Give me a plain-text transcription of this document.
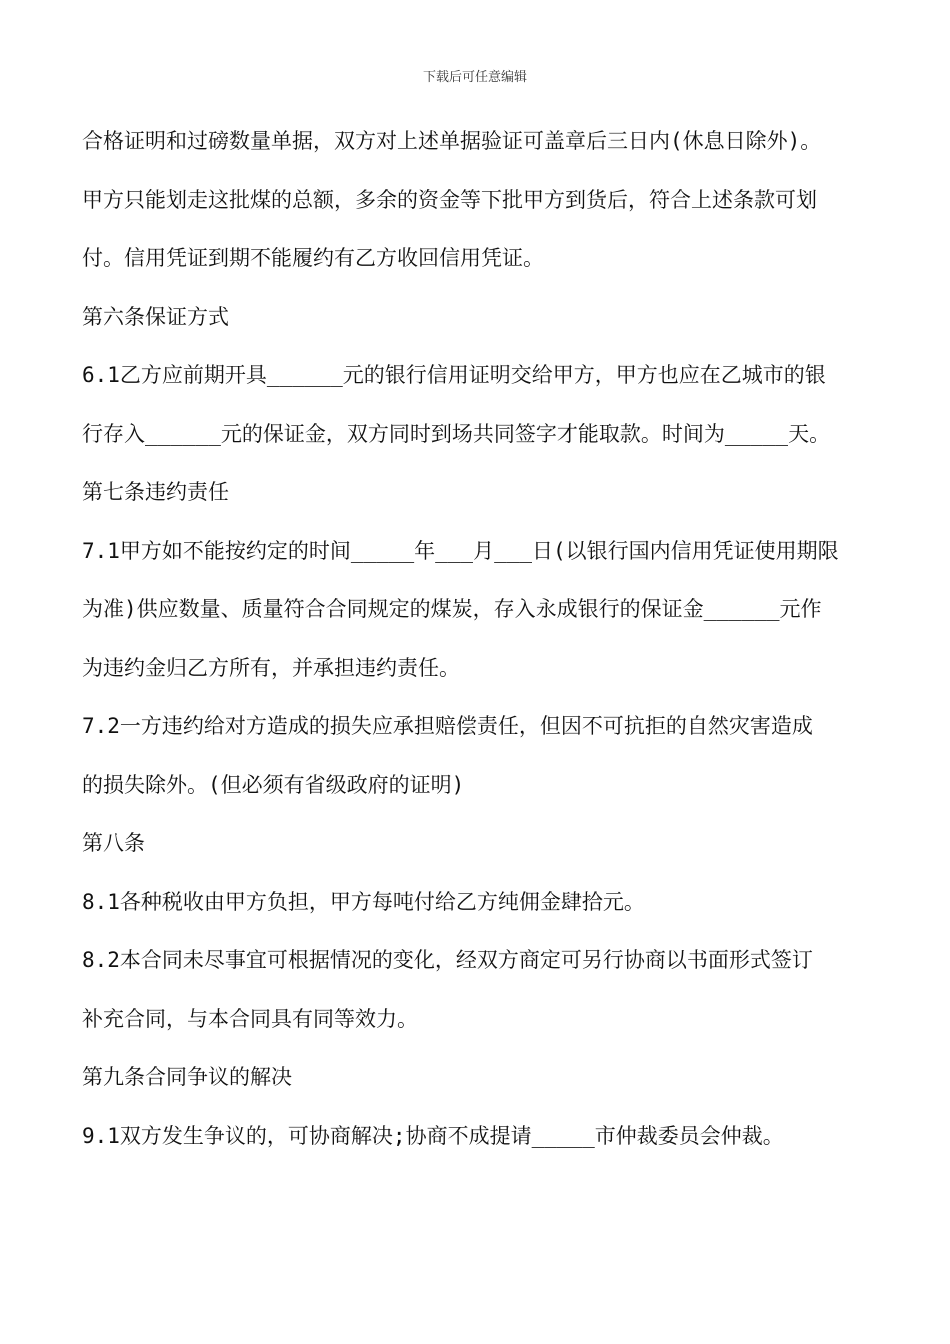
下载后可任意编辑
合格证明和过磅数量单据，双方对上述单据验证可盖章后三日内(休息日除外)。
甲方只能划走这批煤的总额，多余的资金等下批甲方到货后，符合上述条款可划
付。信用凭证到期不能履约有乙方收回信用凭证。
第六条保证方式
6.1乙方应前期开具______元的银行信用证明交给甲方，甲方也应在乙城市的银
行存入______元的保证金，双方同时到场共同签字才能取款。时间为_____天。
第七条违约责任
7.1甲方如不能按约定的时间_____年___月___日(以银行国内信用凭证使用期限
为准)供应数量、质量符合合同规定的煤炭，存入永成银行的保证金______元作
为违约金归乙方所有，并承担违约责任。
7.2一方违约给对方造成的损失应承担赔偿责任，但因不可抗拒的自然灾害造成
的损失除外。(但必须有省级政府的证明)
第八条
8.1各种税收由甲方负担，甲方每吨付给乙方纯佣金肆拾元。
8.2本合同未尽事宜可根据情况的变化，经双方商定可另行协商以书面形式签订
补充合同，与本合同具有同等效力。
第九条合同争议的解决
9.1双方发生争议的，可协商解决;协商不成提请_____市仲裁委员会仲裁。
